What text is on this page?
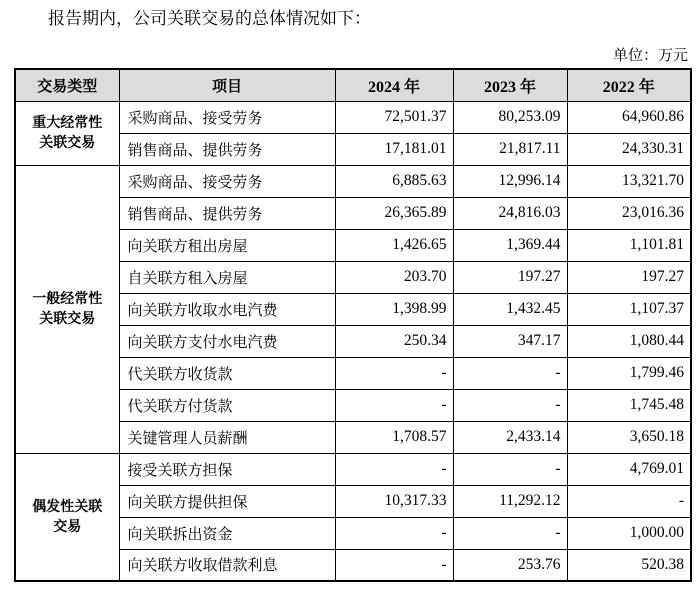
报告期内，公司关联交易的总体情况如下：
单位：万元
交易类型	项目	2024 年	2023 年	2022 年
重大经常性
关联交易	采购商品、接受劳务	72,501.37	80,253.09	64,960.86
	销售商品、提供劳务	17,181.01	21,817.11	24,330.31
一般经常性
关联交易	采购商品、接受劳务	6,885.63	12,996.14	13,321.70
	销售商品、提供劳务	26,365.89	24,816.03	23,016.36
	向关联方租出房屋	1,426.65	1,369.44	1,101.81
	自关联方租入房屋	203.70	197.27	197.27
	向关联方收取水电汽费	1,398.99	1,432.45	1,107.37
	向关联方支付水电汽费	250.34	347.17	1,080.44
	代关联方收货款	-	-	1,799.46
	代关联方付货款	-	-	1,745.48
	关键管理人员薪酬	1,708.57	2,433.14	3,650.18
偶发性关联
交易	接受关联方担保	-	-	4,769.01
	向关联方提供担保	10,317.33	11,292.12	-
	向关联拆出资金	-	-	1,000.00
	向关联方收取借款利息	-	253.76	520.38
